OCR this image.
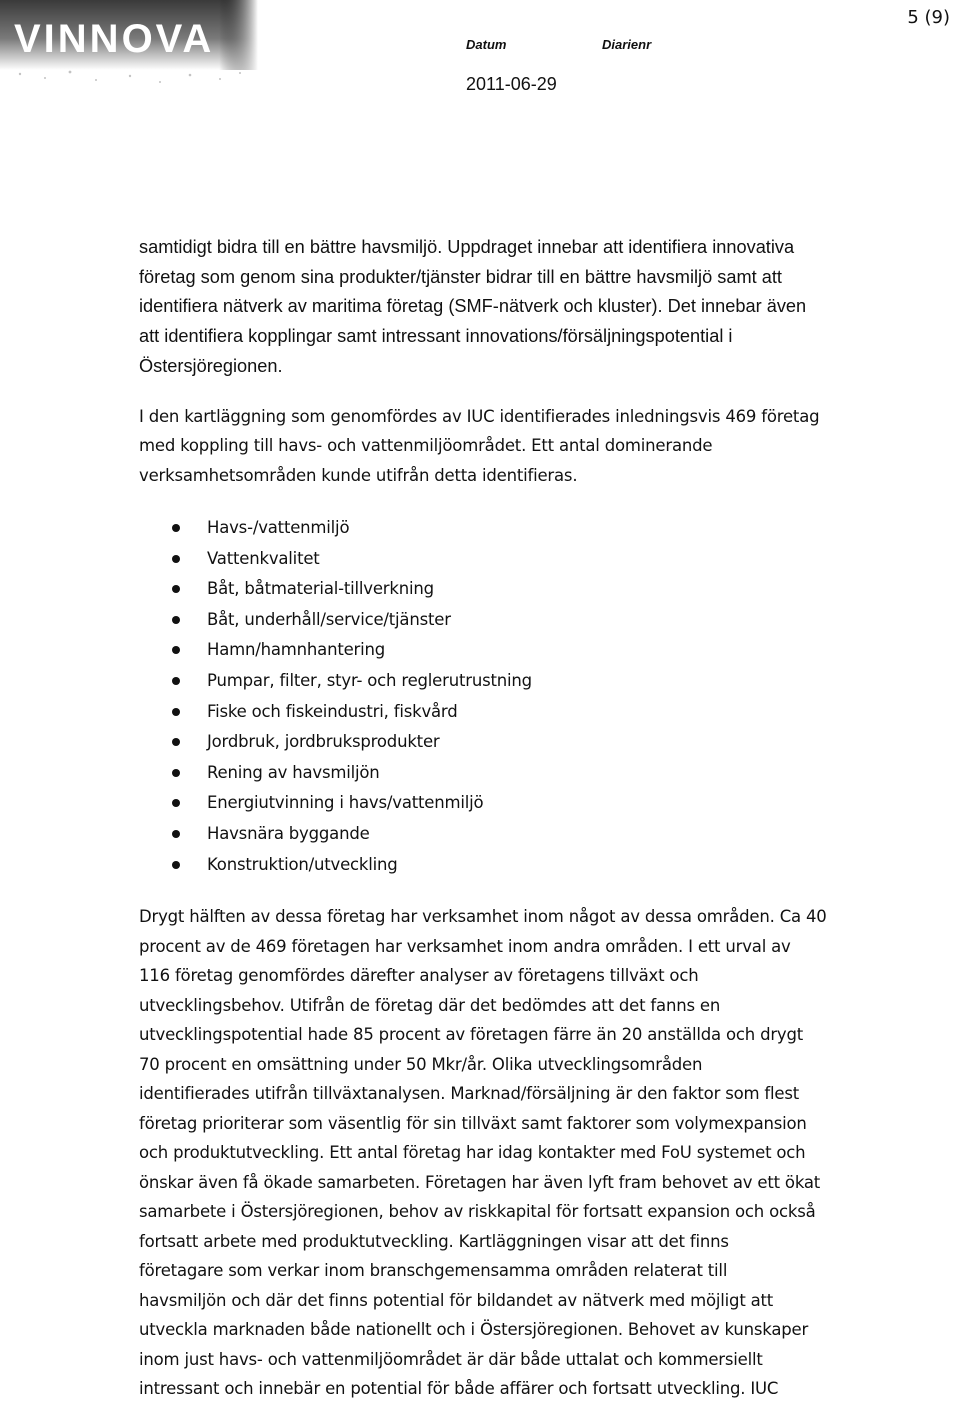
VINNOVA	Datum	Diarienr
2011-06-29
5 (9)

samtidigt bidra till en bättre havsmiljö. Uppdraget innebar att identifiera innovativa
företag som genom sina produkter/tjänster bidrar till en bättre havsmiljö samt att
identifiera nätverk av maritima företag (SMF-nätverk och kluster). Det innebar även
att identifiera kopplingar samt intressant innovations/försäljningspotential i
Östersjöregionen.

I den kartläggning som genomfördes av IUC identifierades inledningsvis 469 företag
med koppling till havs- och vattenmiljöområdet. Ett antal dominerande
verksamhetsområden kunde utifrån detta identifieras.

Havs-/vattenmiljö
Vattenkvalitet
Båt, båtmaterial-tillverkning
Båt, underhåll/service/tjänster
Hamn/hamnhantering
Pumpar, filter, styr- och reglerutrustning
Fiske och fiskeindustri, fiskvård
Jordbruk, jordbruksprodukter
Rening av havsmiljön
Energiutvinning i havs/vattenmiljö
Havsnära byggande
Konstruktion/utveckling

Drygt hälften av dessa företag har verksamhet inom något av dessa områden. Ca 40
procent av de 469 företagen har verksamhet inom andra områden. I ett urval av
116 företag genomfördes därefter analyser av företagens tillväxt och
utvecklingsbehov. Utifrån de företag där det bedömdes att det fanns en
utvecklingspotential hade 85 procent av företagen färre än 20 anställda och drygt
70 procent en omsättning under 50 Mkr/år. Olika utvecklingsområden
identifierades utifrån tillväxtanalysen. Marknad/försäljning är den faktor som flest
företag prioriterar som väsentlig för sin tillväxt samt faktorer som volymexpansion
och produktutveckling. Ett antal företag har idag kontakter med FoU systemet och
önskar även få ökade samarbeten. Företagen har även lyft fram behovet av ett ökat
samarbete i Östersjöregionen, behov av riskkapital för fortsatt expansion och också
fortsatt arbete med produktutveckling. Kartläggningen visar att det finns
företagare som verkar inom branschgemensamma områden relaterat till
havsmiljön och där det finns potential för bildandet av nätverk med möjligt att
utveckla marknaden både nationellt och i Östersjöregionen. Behovet av kunskaper
inom just havs- och vattenmiljöområdet är där både uttalat och kommersiellt
intressant och innebär en potential för både affärer och fortsatt utveckling. IUC
